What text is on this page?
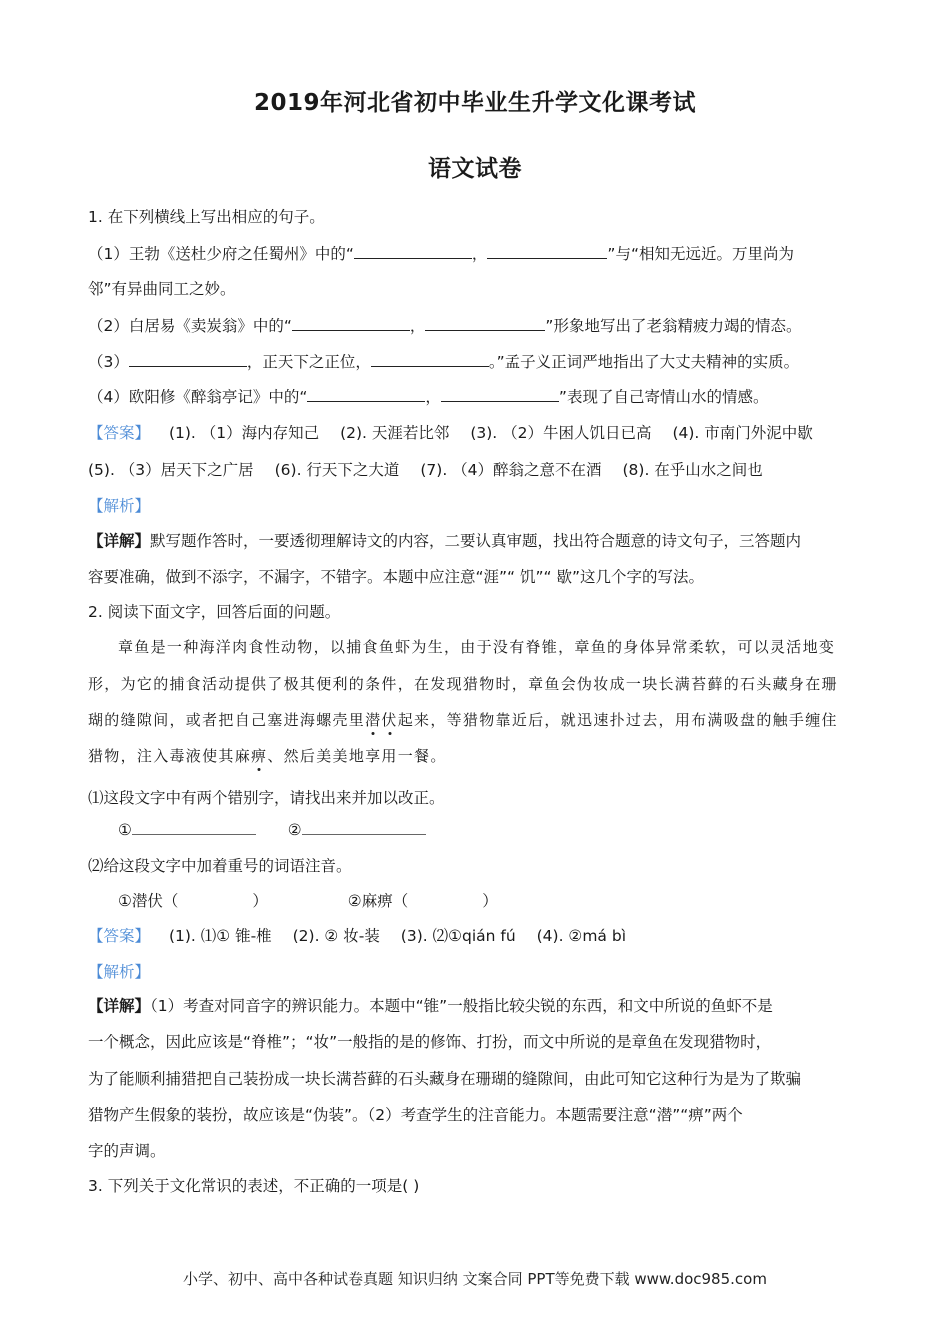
2019年河北省初中毕业生升学文化课考试
语文试卷
1. 在下列横线上写出相应的句子。
（1）王勃《送杜少府之任蜀州》中的“	，	”与“相知无远近。万里尚为
邻”有异曲同工之妙。
（2）白居易《卖炭翁》中的“	，	”形象地写出了老翁精疲力竭的情态。
（3）	，正天下之正位，	。”孟子义正词严地指出了大丈夫精神的实质。
（4）欧阳修《醉翁亭记》中的“	，	”表现了自己寄情山水的情感。
【答案】 (1). （1）海内存知己 (2). 天涯若比邻 (3). （2）牛困人饥日已高 (4). 市南门外泥中歇
(5). （3）居天下之广居 (6). 行天下之大道 (7). （4）醉翁之意不在酒 (8). 在乎山水之间也
【解析】
【详解】默写题作答时，一要透彻理解诗文的内容，二要认真审题，找出符合题意的诗文句子，三答题内
容要准确，做到不添字，不漏字，不错字。本题中应注意“涯”“ 饥”“ 歇”这几个字的写法。
2. 阅读下面文字，回答后面的问题。
章鱼是一种海洋肉食性动物，以捕食鱼虾为生，由于没有脊锥，章鱼的身体异常柔软，可以灵活地变
形，为它的捕食活动提供了极其便利的条件，在发现猎物时，章鱼会伪妆成一块长满苔藓的石头藏身在珊
瑚的缝隙间，或者把自己塞进海螺壳里潜伏起来，等猎物靠近后，就迅速扑过去，用布满吸盘的触手缠住
猎物，注入毒液使其麻痹、然后美美地享用一餐。
⑴这段文字中有两个错别字，请找出来并加以改正。
①	②
⑵给这段文字中加着重号的词语注音。
①潜伏（	）	②麻痹（	）
【答案】 (1). ⑴① 锥-椎 (2). ② 妆-装 (3). ⑵①qián fú (4). ②má bì
【解析】
【详解】（1）考查对同音字的辨识能力。本题中“锥”一般指比较尖锐的东西，和文中所说的鱼虾不是
一个概念，因此应该是“脊椎”；“妆”一般指的是的修饰、打扮，而文中所说的是章鱼在发现猎物时，
为了能顺利捕猎把自己装扮成一块长满苔藓的石头藏身在珊瑚的缝隙间，由此可知它这种行为是为了欺骗
猎物产生假象的装扮，故应该是“伪装”。（2）考查学生的注音能力。本题需要注意“潜”“痹”两个
字的声调。
3. 下列关于文化常识的表述，不正确的一项是( )
小学、初中、高中各种试卷真题 知识归纳 文案合同 PPT等免费下载 www.doc985.com
